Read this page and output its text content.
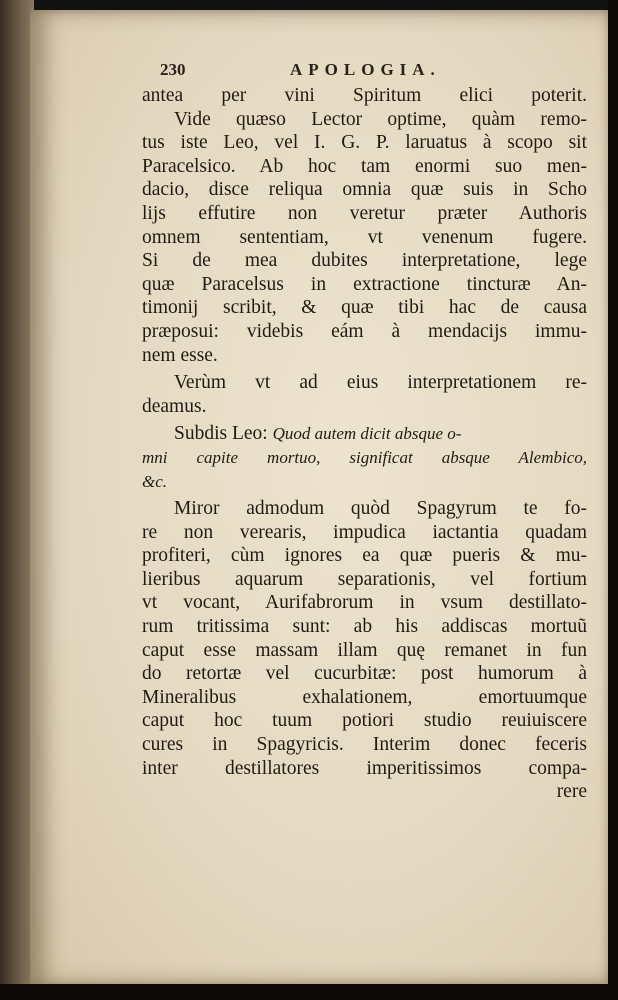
230	APOLOGIA.
antea per vini Spiritum elici poterit.
Vide quæso Lector optime, quàm remo-
tus iste Leo, vel I. G. P. laruatus à scopo sit
Paracelsico. Ab hoc tam enormi suo men-
dacio, disce reliqua omnia quæ suis in Scho
lijs effutire non veretur præter Authoris
omnem sententiam, vt venenum fugere.
Si de mea dubites interpretatione, lege
quæ Paracelsus in extractione tincturæ An-
timonij scribit, & quæ tibi hac de causa
præposui: videbis eám à mendacijs immu-
nem esse.
Verùm vt ad eius interpretationem re-
deamus.
Subdis Leo: Quod autem dicit absque o-
mni capite mortuo, significat absque Alembico,
&c.
Miror admodum quòd Spagyrum te fo-
re non verearis, impudica iactantia quadam
profiteri, cùm ignores ea quæ pueris & mu-
lieribus aquarum separationis, vel fortium
vt vocant, Aurifabrorum in vsum destillato-
rum tritissima sunt: ab his addiscas mortuũ
caput esse massam illam quę remanet in fun
do retortæ vel cucurbitæ: post humorum à
Mineralibus exhalationem, emortuumque
caput hoc tuum potiori studio reuiuiscere
cures in Spagyricis. Interim donec feceris
inter destillatores imperitissimos compa-
rere
